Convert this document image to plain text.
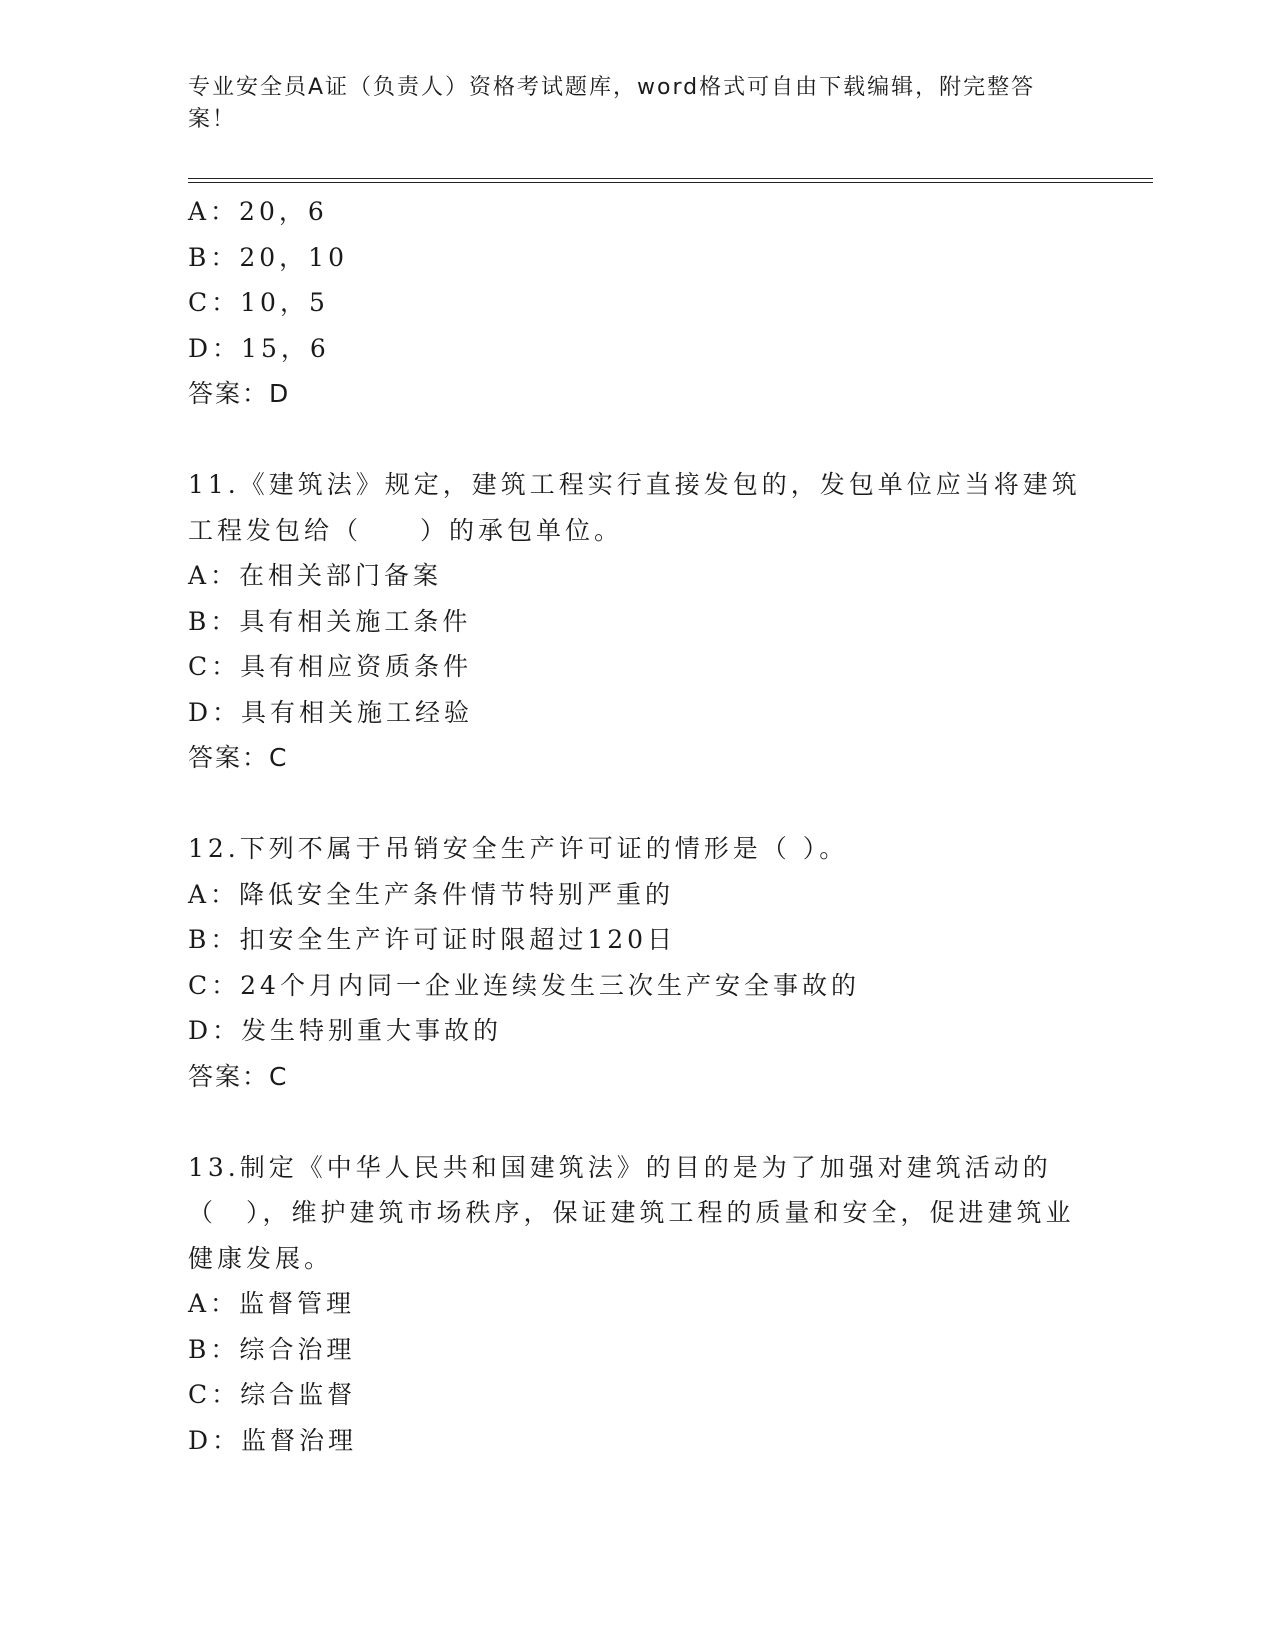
专业安全员A证（负责人）资格考试题库，word格式可自由下载编辑，附完整答案！
A：20，6
B：20，10
C：10，5
D：15，6
答案：D
11.《建筑法》规定，建筑工程实行直接发包的，发包单位应当将建筑工程发包给（　　）的承包单位。
A：在相关部门备案
B：具有相关施工条件
C：具有相应资质条件
D：具有相关施工经验
答案：C
12.下列不属于吊销安全生产许可证的情形是（ ）。
A：降低安全生产条件情节特别严重的
B：扣安全生产许可证时限超过120日
C：24个月内同一企业连续发生三次生产安全事故的
D：发生特别重大事故的
答案：C
13.制定《中华人民共和国建筑法》的目的是为了加强对建筑活动的（　），维护建筑市场秩序，保证建筑工程的质量和安全，促进建筑业健康发展。
A：监督管理
B：综合治理
C：综合监督
D：监督治理
